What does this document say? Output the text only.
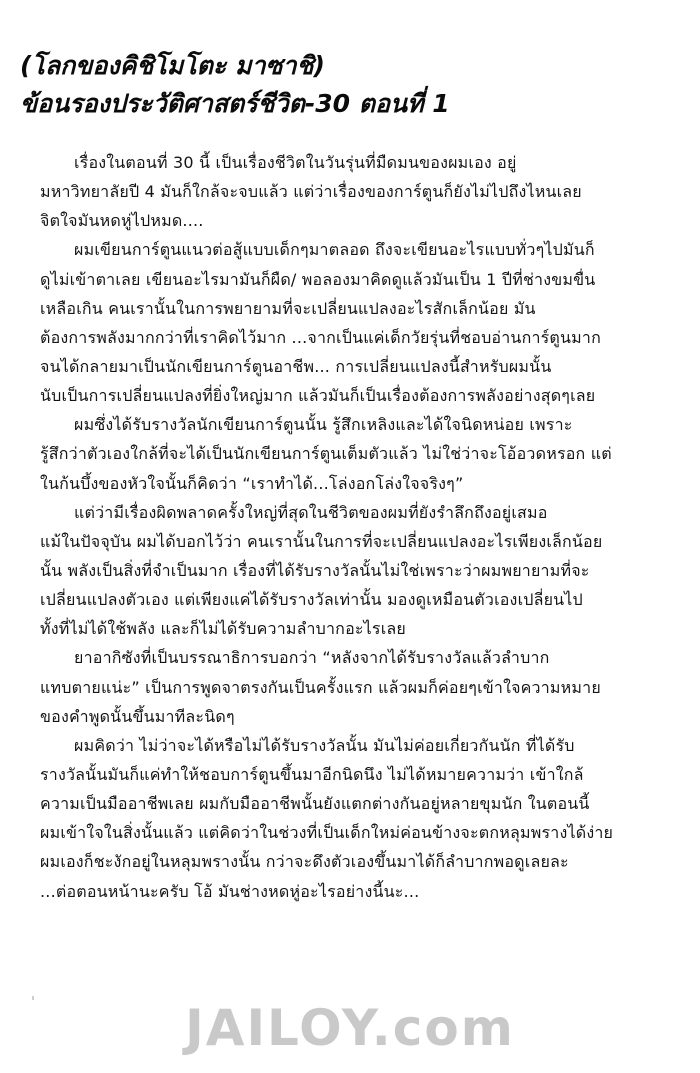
(โลกของคิชิโมโตะ มาซาชิ)
ข้อนรองประวัติศาสตร์ชีวิต-30 ตอนที่ 1
เรื่องในตอนที่ 30 นี้ เป็นเรื่องชีวิตในวันรุ่นที่มืดมนของผมเอง อยู่
มหาวิทยาลัยปี 4 มันก็ใกล้จะจบแล้ว แต่ว่าเรื่องของการ์ตูนก็ยังไม่ไปถึงไหนเลย
จิตใจมันหดหู่ไปหมด....
ผมเขียนการ์ตูนแนวต่อสู้แบบเด็กๆมาตลอด ถึงจะเขียนอะไรแบบทั่วๆไปมันก็
ดูไม่เข้าตาเลย เขียนอะไรมามันก็ผืด/ พอลองมาคิดดูแล้วมันเป็น 1 ปีที่ช่างขมขื่น
เหลือเกิน คนเรานั้นในการพยายามที่จะเปลี่ยนแปลงอะไรสักเล็กน้อย มัน
ต้องการพลังมากกว่าที่เราคิดไว้มาก ...จากเป็นแค่เด็กวัยรุ่นที่ชอบอ่านการ์ตูนมาก
จนได้กลายมาเป็นนักเขียนการ์ตูนอาชีพ... การเปลี่ยนแปลงนี้สำหรับผมนั้น
นับเป็นการเปลี่ยนแปลงที่ยิ่งใหญ่มาก แล้วมันก็เป็นเรื่องต้องการพลังอย่างสุดๆเลย
ผมซึ่งได้รับรางวัลนักเขียนการ์ตูนนั้น รู้สึกเหลิงและได้ใจนิดหน่อย เพราะ
รู้สึกว่าตัวเองใกล้ที่จะได้เป็นนักเขียนการ์ตูนเต็มตัวแล้ว ไม่ใช่ว่าจะโอ้อวดหรอก แต่
ในก้นบึ้งของหัวใจนั้นก็คิดว่า “เราทำได้...โล่งอกโล่งใจจริงๆ”
แต่ว่ามีเรื่องผิดพลาดครั้งใหญ่ที่สุดในชีวิตของผมที่ยังรำลึกถึงอยู่เสมอ
แม้ในปัจจุบัน ผมได้บอกไว้ว่า คนเรานั้นในการที่จะเปลี่ยนแปลงอะไรเพียงเล็กน้อย
นั้น พลังเป็นสิ่งที่จำเป็นมาก เรื่องที่ได้รับรางวัลนั้นไม่ใช่เพราะว่าผมพยายามที่จะ
เปลี่ยนแปลงตัวเอง แต่เพียงแค่ได้รับรางวัลเท่านั้น มองดูเหมือนตัวเองเปลี่ยนไป
ทั้งที่ไม่ได้ใช้พลัง และก็ไม่ได้รับความลำบากอะไรเลย
ยาอากิซังที่เป็นบรรณาธิการบอกว่า “หลังจากได้รับรางวัลแล้วลำบาก
แทบตายแน่ะ” เป็นการพูดจาตรงกันเป็นครั้งแรก แล้วผมก็ค่อยๆเข้าใจความหมาย
ของคำพูดนั้นขึ้นมาทีละนิดๆ
ผมคิดว่า ไม่ว่าจะได้หรือไม่ได้รับรางวัลนั้น มันไม่ค่อยเกี่ยวกันนัก ที่ได้รับ
รางวัลนั้นมันก็แค่ทำให้ชอบการ์ตูนขึ้นมาอีกนิดนึง ไม่ได้หมายความว่า เข้าใกล้
ความเป็นมืออาชีพเลย ผมกับมืออาชีพนั้นยังแตกต่างกันอยู่หลายขุมนัก ในตอนนี้
ผมเข้าใจในสิ่งนั้นแล้ว แต่คิดว่าในช่วงที่เป็นเด็กใหม่ค่อนข้างจะตกหลุมพรางได้ง่าย
ผมเองก็ชะงักอยู่ในหลุมพรางนั้น กว่าจะดึงตัวเองขึ้นมาได้ก็ลำบากพอดูเลยละ
...ต่อตอนหน้านะครับ โอ้ มันช่างหดหู่อะไรอย่างนี้นะ...
JAILOY.com
